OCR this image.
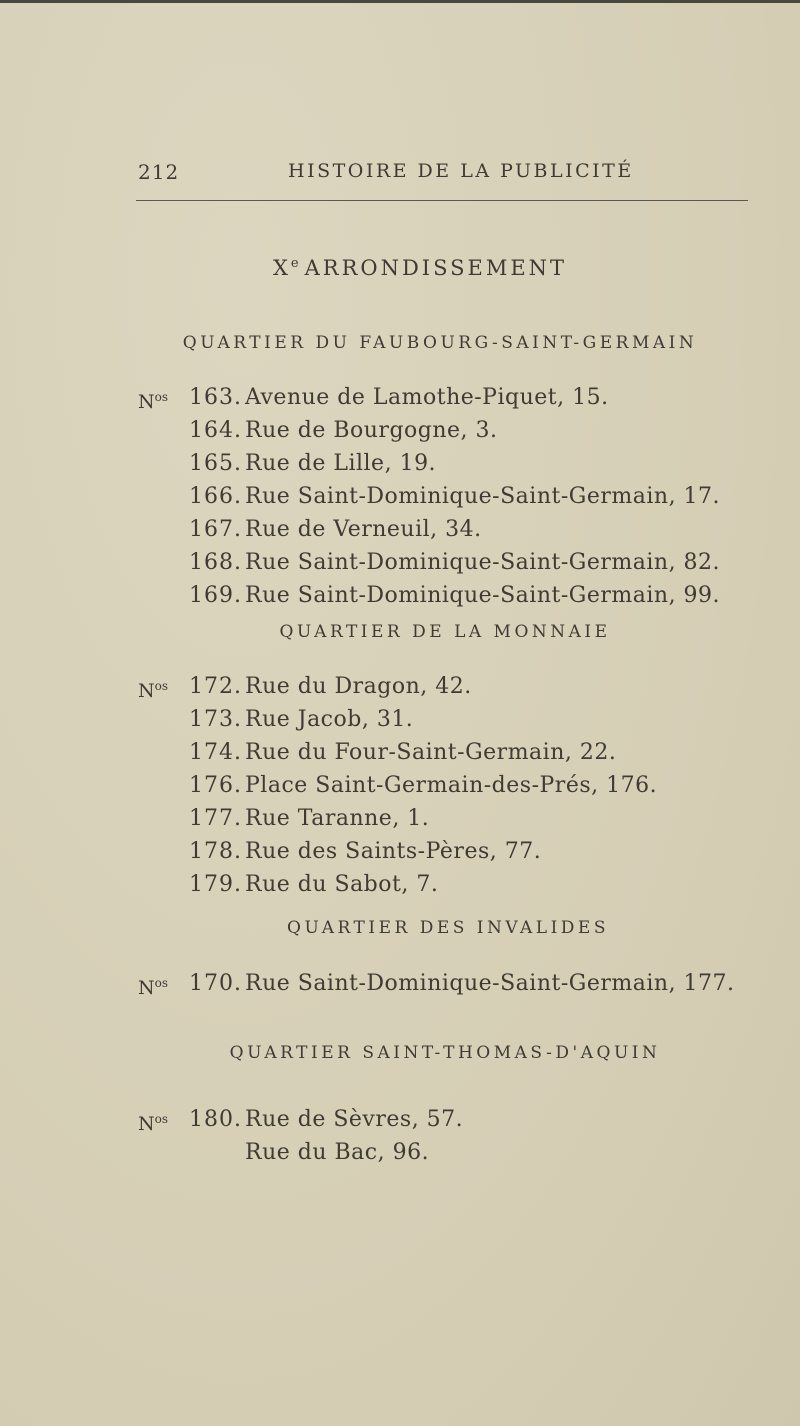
212	HISTOIRE DE LA PUBLICITÉ
Xe ARRONDISSEMENT
QUARTIER DU FAUBOURG-SAINT-GERMAIN
$N^{os}$ 163. Avenue de Lamothe-Piquet, 15.
164. Rue de Bourgogne, 3.
165. Rue de Lille, 19.
166. Rue Saint-Dominique-Saint-Germain, 17.
167. Rue de Verneuil, 34.
168. Rue Saint-Dominique-Saint-Germain, 82.
169. Rue Saint-Dominique-Saint-Germain, 99.
QUARTIER DE LA MONNAIE
$N^{os}$ 172. Rue du Dragon, 42.
173. Rue Jacob, 31.
174. Rue du Four-Saint-Germain, 22.
176. Place Saint-Germain-des-Prés, 176.
177. Rue Taranne, 1.
178. Rue des Saints-Pères, 77.
179. Rue du Sabot, 7.
QUARTIER DES INVALIDES
$N^{os}$ 170. Rue Saint-Dominique-Saint-Germain, 177.
QUARTIER SAINT-THOMAS-D'AQUIN
$N^{os}$ 180. Rue de Sèvres, 57.
Rue du Bac, 96.
